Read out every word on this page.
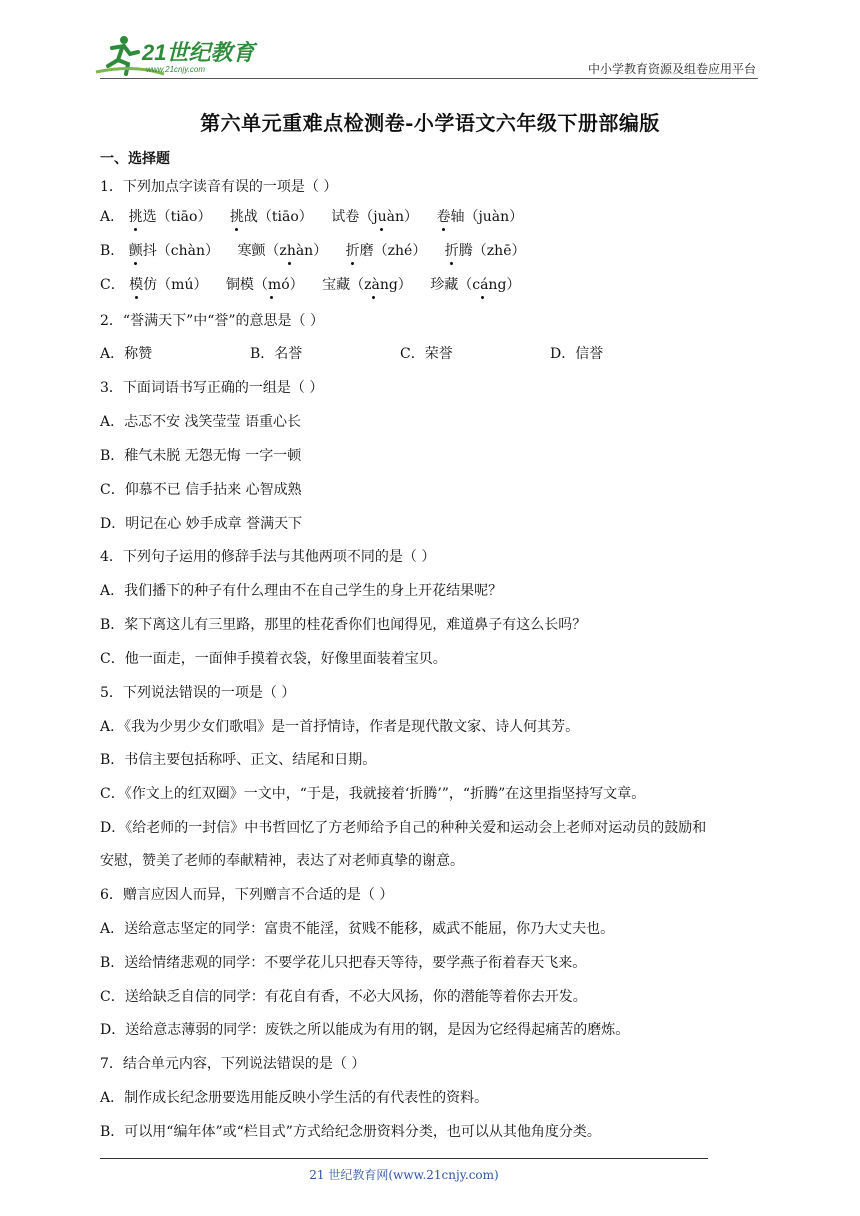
21世纪教育
www.21cnjy.com	中小学教育资源及组卷应用平台
第六单元重难点检测卷-小学语文六年级下册部编版
一、选择题
1．下列加点字读音有误的一项是（ ）
A． 挑选（tiāo） 挑战（tiāo） 试卷（juàn） 卷轴（juàn）
B． 颤抖（chàn） 寒颤（zhàn） 折磨（zhé） 折腾（zhē）
C． 模仿（mú） 铜模（mó） 宝藏（zàng） 珍藏（cáng）
2．“誉满天下”中“誉”的意思是（ ）
A．称赞	B．名誉	C．荣誉	D．信誉
3．下面词语书写正确的一组是（ ）
A．忐忑不安 浅笑莹莹 语重心长
B．稚气未脱 无怨无悔 一字一顿
C．仰慕不已 信手拈来 心智成熟
D．明记在心 妙手成章 誉满天下
4．下列句子运用的修辞手法与其他两项不同的是（ ）
A．我们播下的种子有什么理由不在自己学生的身上开花结果呢？
B．桨下离这儿有三里路，那里的桂花香你们也闻得见，难道鼻子有这么长吗？
C．他一面走，一面伸手摸着衣袋，好像里面装着宝贝。
5．下列说法错误的一项是（ ）
A．《我为少男少女们歌唱》是一首抒情诗，作者是现代散文家、诗人何其芳。
B．书信主要包括称呼、正文、结尾和日期。
C．《作文上的红双圈》一文中，“于是，我就接着‘折腾’”，“折腾”在这里指坚持写文章。
D．《给老师的一封信》中书哲回忆了方老师给予自己的种种关爱和运动会上老师对运动员的鼓励和
安慰，赞美了老师的奉献精神，表达了对老师真挚的谢意。
6．赠言应因人而异，下列赠言不合适的是（ ）
A．送给意志坚定的同学：富贵不能淫，贫贱不能移，威武不能屈，你乃大丈夫也。
B．送给情绪悲观的同学：不要学花儿只把春天等待，要学燕子衔着春天飞来。
C．送给缺乏自信的同学：有花自有香，不必大风扬，你的潜能等着你去开发。
D．送给意志薄弱的同学：废铁之所以能成为有用的钢，是因为它经得起痛苦的磨炼。
7．结合单元内容，下列说法错误的是（ ）
A．制作成长纪念册要选用能反映小学生活的有代表性的资料。
B．可以用“编年体”或“栏目式”方式给纪念册资料分类，也可以从其他角度分类。
21 世纪教育网(www.21cnjy.com)
